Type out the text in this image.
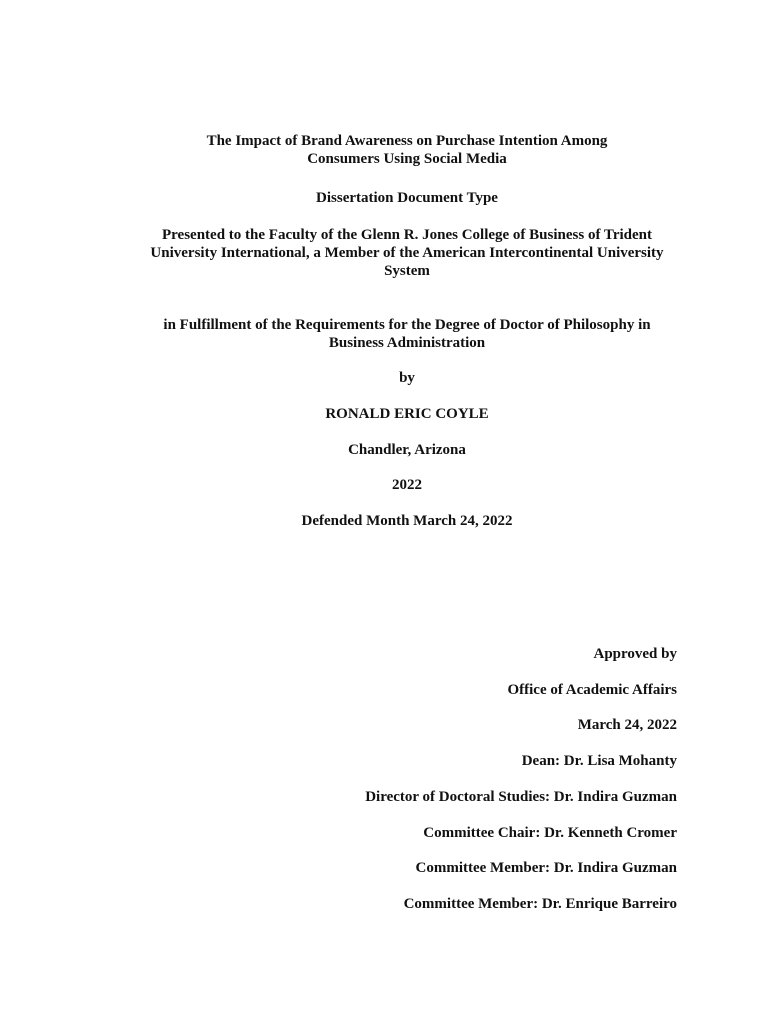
The Impact of Brand Awareness on Purchase Intention Among
Consumers Using Social Media
Dissertation Document Type
Presented to the Faculty of the Glenn R. Jones College of Business of Trident
University International, a Member of the American Intercontinental University
System
in Fulfillment of the Requirements for the Degree of Doctor of Philosophy in
Business Administration
by
RONALD ERIC COYLE
Chandler, Arizona
2022
Defended Month March 24, 2022
Approved by
Office of Academic Affairs
March 24, 2022
Dean: Dr. Lisa Mohanty
Director of Doctoral Studies: Dr. Indira Guzman
Committee Chair: Dr. Kenneth Cromer
Committee Member: Dr. Indira Guzman
Committee Member: Dr. Enrique Barreiro
